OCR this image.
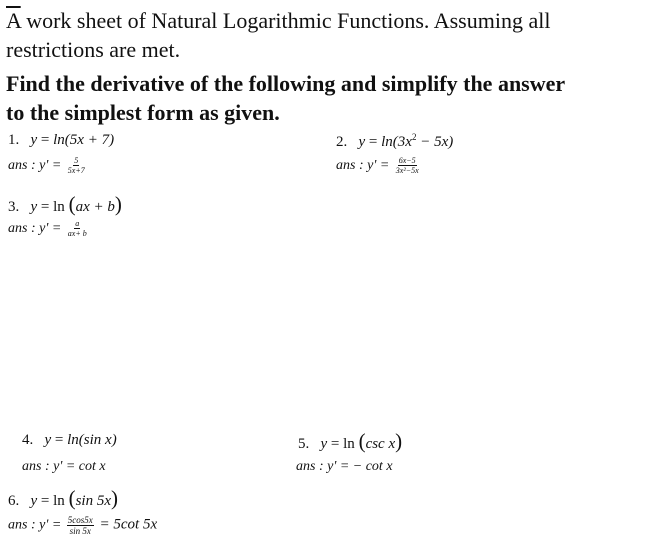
$\overline{A}$ work sheet of Natural Logarithmic Functions. Assuming all
restrictions are met.
Find the derivative of the following and simplify the answer
to the simplest form as given.
1. y = ln(5x + 7)
ans : $y' = \frac{5}{5x+7}$
2. $y = \ln(3x^2 - 5x)$
ans : $y' = \frac{6x-5}{\text{3x²−5x}}$
3. y = ln (ax + b)
ans : $y' = \frac{a}{ax+ b}$
4. y = ln(sin x)
ans : y' = cot x
5. y = ln (csc x)
ans : y' = − cot x
6. y = ln (sin 5x)
ans : $y' = \frac{5\cos 5x}{\sin 5x} = 5\cot$ 5x
